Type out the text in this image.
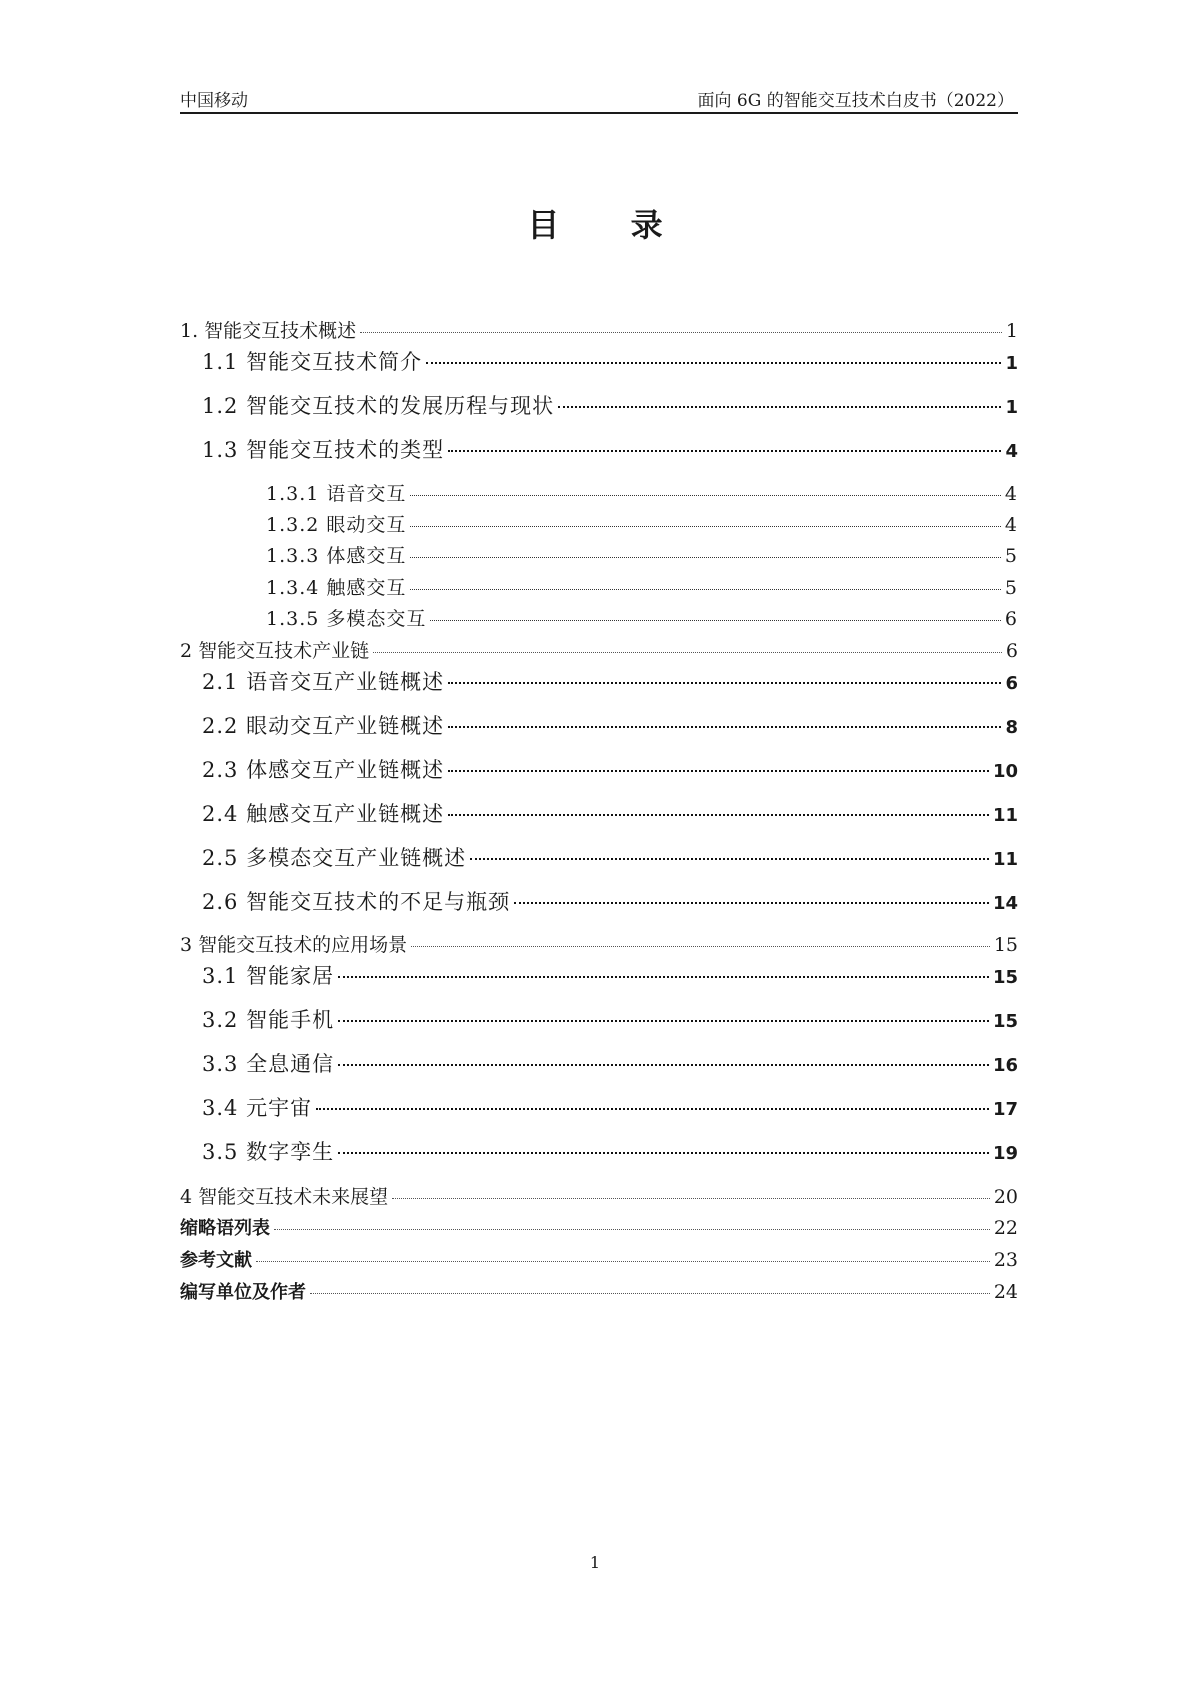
中国移动	面向 6G 的智能交互技术白皮书（2022）
目 录
1. 智能交互技术概述	1
1.1 智能交互技术简介	1
1.2 智能交互技术的发展历程与现状	1
1.3 智能交互技术的类型	4
1.3.1 语音交互	4
1.3.2 眼动交互	4
1.3.3 体感交互	5
1.3.4 触感交互	5
1.3.5 多模态交互	6
2 智能交互技术产业链	6
2.1 语音交互产业链概述	6
2.2 眼动交互产业链概述	8
2.3 体感交互产业链概述	10
2.4 触感交互产业链概述	11
2.5 多模态交互产业链概述	11
2.6 智能交互技术的不足与瓶颈	14
3 智能交互技术的应用场景	15
3.1 智能家居	15
3.2 智能手机	15
3.3 全息通信	16
3.4 元宇宙	17
3.5 数字孪生	19
4 智能交互技术未来展望	20
缩略语列表	22
参考文献	23
编写单位及作者	24
1
